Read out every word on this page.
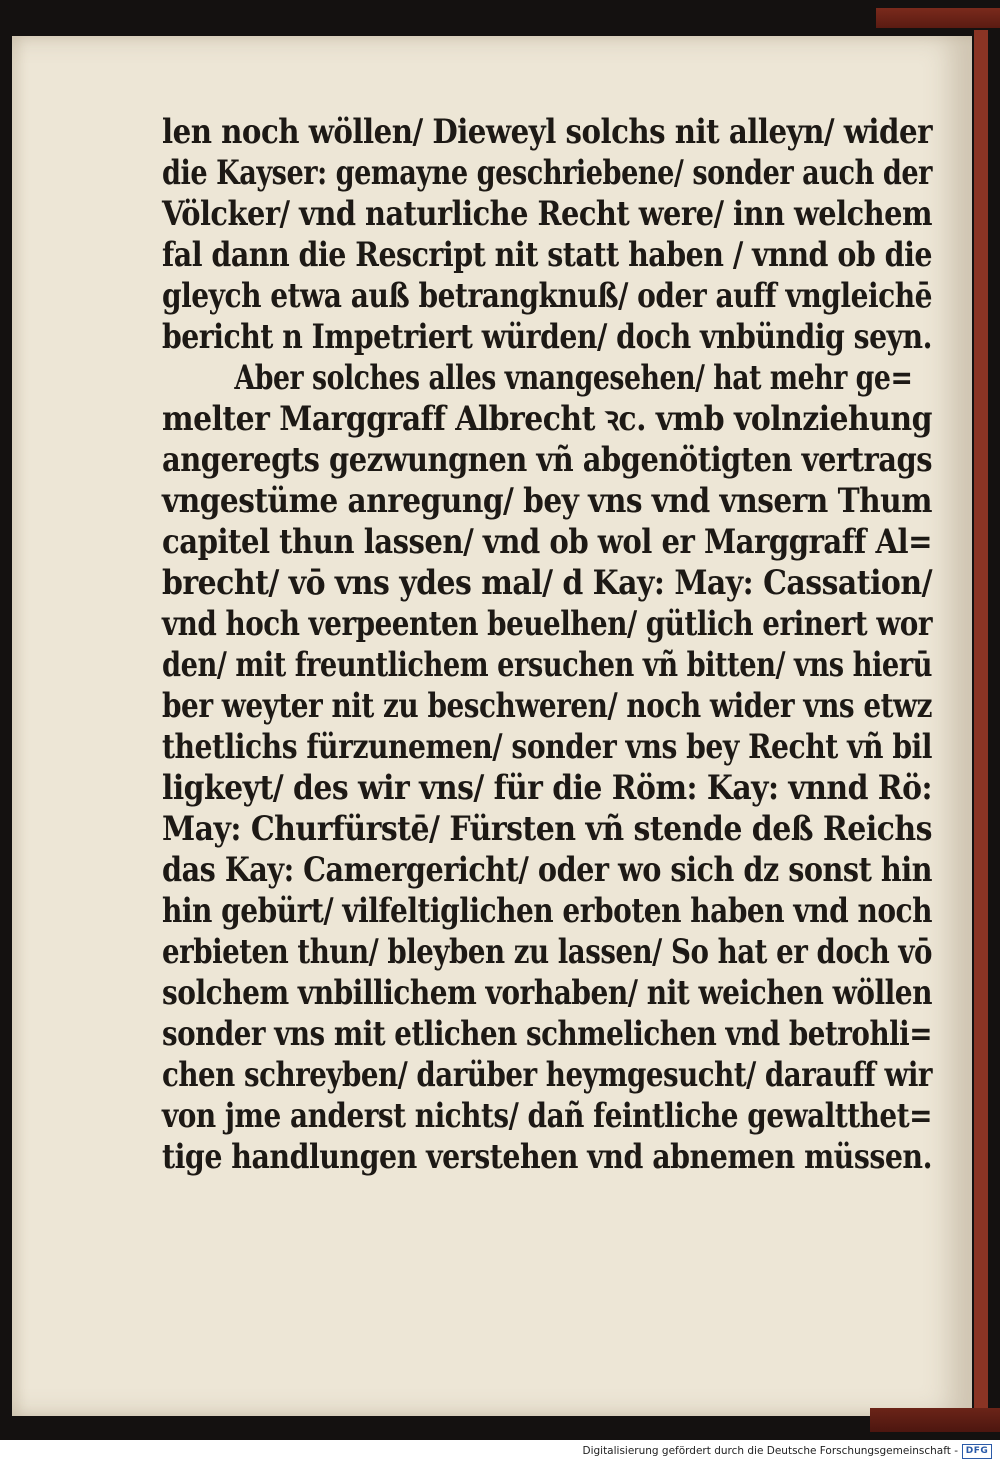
len noch wöllen/ Dieweyl solchs nit alleyn/ wider
die Kayser: gemayne geschriebene/ sonder auch der
Völcker/ vnd naturliche Recht were/ inn welchem
fal dann die Rescript nit statt haben / vnnd ob die
gleych etwa auß betrangknuß/ oder auff vngleichē
bericht n Impetriert würden/ doch vnbündig seyn.
Aber solches alles vnangesehen/ hat mehr ge=
melter Marggraff Albrecht ꝛc. vmb volnziehung
angeregts gezwungnen vñ abgenötigten vertrags
vngestüme anregung/ bey vns vnd vnsern Thum
capitel thun lassen/ vnd ob wol er Marggraff Al=
brecht/ vō vns ydes mal/ d Kay: May: Cassation/
vnd hoch verpeenten beuelhen/ gütlich erinert wor
den/ mit freuntlichem ersuchen vñ bitten/ vns hierū
ber weyter nit zu beschweren/ noch wider vns etwz
thetlichs fürzunemen/ sonder vns bey Recht vñ bil
ligkeyt/ des wir vns/ für die Röm: Kay: vnnd Rö:
May: Churfürstē/ Fürsten vñ stende deß Reichs
das Kay: Camergericht/ oder wo sich dz sonst hin
hin gebürt/ vilfeltiglichen erboten haben vnd noch
erbieten thun/ bleyben zu lassen/ So hat er doch vō
solchem vnbillichem vorhaben/ nit weichen wöllen
sonder vns mit etlichen schmelichen vnd betrohli=
chen schreyben/ darüber heymgesucht/ darauff wir
von jme anderst nichts/ dañ feintliche gewaltthet=
tige handlungen verstehen vnd abnemen müssen.
Digitalisierung gefördert durch die Deutsche Forschungsgemeinschaft - DFG
